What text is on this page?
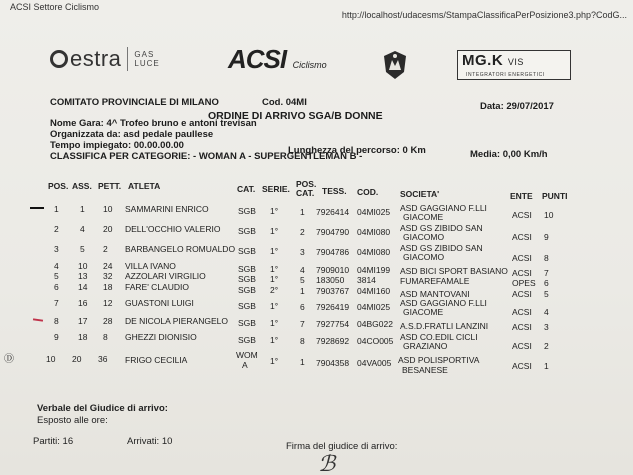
ACSI Settore Ciclismo
http://localhost/udacesms/StampaClassificaPerPosizione3.php?CodG...
estra GAS
LUCE	ACSI Ciclismo	MG.K VIS
INTEGRATORI ENERGETICI
COMITATO PROVINCIALE DI MILANO	Cod. 04MI
ORDINE DI ARRIVO SGA/B DONNE
Data: 29/07/2017
Nome Gara: 4^ Trofeo bruno e antoni trevisan
Organizzata da: asd pedale paullese
Tempo impiegato: 00.00.00.00	Lunghezza del percorso: 0 Km	Media: 0,00 Km/h
CLASSIFICA PER CATEGORIE: - WOMAN A - SUPERGENTLEMAN B -
POS. ASS. PETT. ATLETA	CAT. SERIE. POS.
CAT. TESS. COD.	SOCIETA'	ENTE PUNTI
1	1 10 SAMMARINI ENRICO	SGB 1°	1 7926414 04MI025 ASD GAGGIANO F.LLI
GIACOME	ACSI 10
2	4 20 DELL'OCCHIO VALERIO SGB 1°	2 7904790 04MI080 ASD GS ZIBIDO SAN
GIACOMO	ACSI 9
3	5 2 BARBANGELO ROMUALDO SGB 1°	3 7904786 04MI080 ASD GS ZIBIDO SAN
GIACOMO	ACSI 8
4 10 24 VILLA IVANO	SGB 1°	4 7909010 04MI199 ASD BICI SPORT BASIANO ACSI 7
5 13 32 AZZOLARI VIRGILIO	SGB 1°	5 183050 3814	FUMAREFAMALE	OPES 6
6 14 18 FARE' CLAUDIO	SGB 2°	1 7903767 04MI160 ASD MANTOVANI	ACSI 5
7 16 12 GUASTONI LUIGI	SGB 1°	6 7926419 04MI025 ASD GAGGIANO F.LLI
GIACOME	ACSI 4
8 17 28 DE NICOLA PIERANGELO SGB 1°	7 7927754 04BG022 A.S.D.FRATLI LANZINI	ACSI 3
9 18 8 GHEZZI DIONISIO	SGB 1°	8 7928692 04CO005 ASD CO.EDIL CICLI
GRAZIANO	ACSI 2
Ⓓ	10 20 36 FRIGO CECILIA	WOM
A	1°	1 7904358 04VA005 ASD POLISPORTIVA
BESANESE	ACSI 1
Verbale del Giudice di arrivo:
Esposto alle ore:
Partiti: 16	Arrivati: 10	Firma del giudice di arrivo:
ℬ
